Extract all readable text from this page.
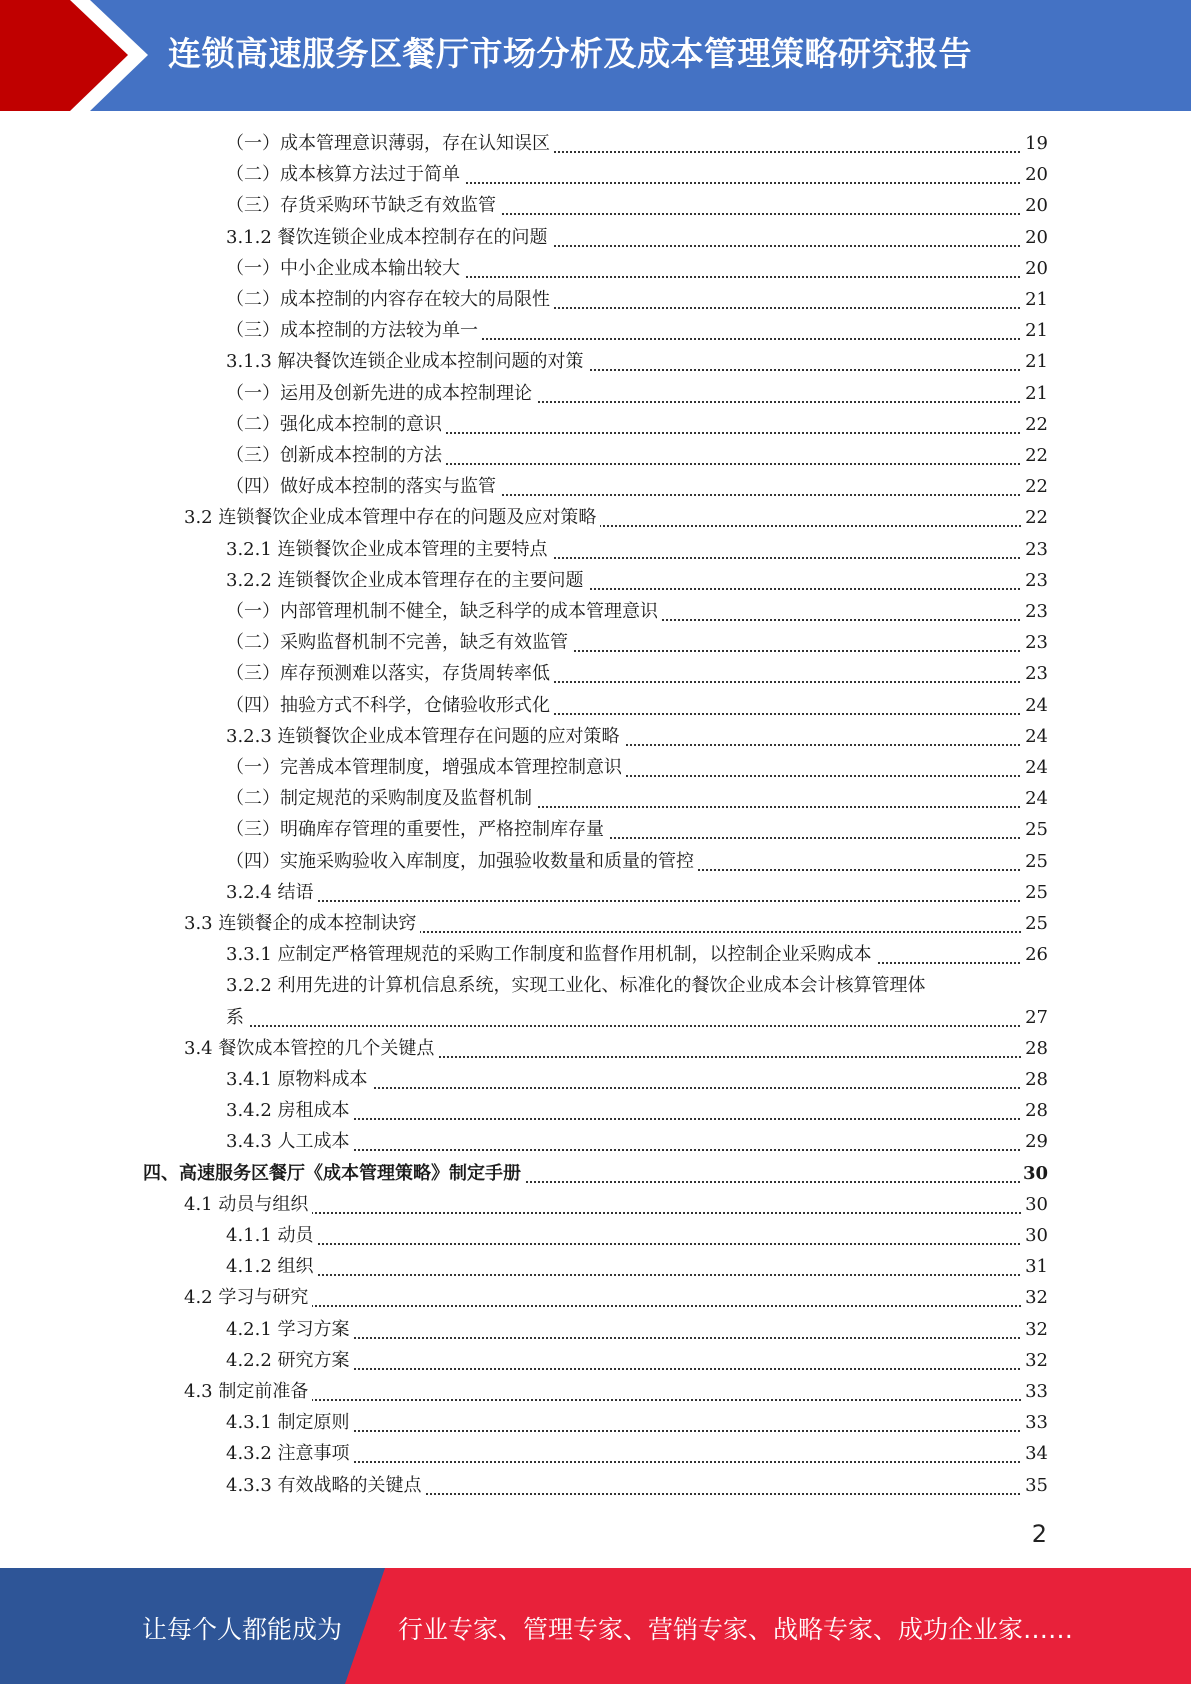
连锁高速服务区餐厅市场分析及成本管理策略研究报告
（一）成本管理意识薄弱，存在认知误区	19
（二）成本核算方法过于简单	20
（三）存货采购环节缺乏有效监管	20
3.1.2 餐饮连锁企业成本控制存在的问题	20
（一）中小企业成本输出较大	20
（二）成本控制的内容存在较大的局限性	21
（三）成本控制的方法较为单一	21
3.1.3 解决餐饮连锁企业成本控制问题的对策	21
（一）运用及创新先进的成本控制理论	21
（二）强化成本控制的意识	22
（三）创新成本控制的方法	22
（四）做好成本控制的落实与监管	22
3.2 连锁餐饮企业成本管理中存在的问题及应对策略	22
3.2.1 连锁餐饮企业成本管理的主要特点	23
3.2.2 连锁餐饮企业成本管理存在的主要问题	23
（一）内部管理机制不健全，缺乏科学的成本管理意识	23
（二）采购监督机制不完善，缺乏有效监管	23
（三）库存预测难以落实，存货周转率低	23
（四）抽验方式不科学，仓储验收形式化	24
3.2.3 连锁餐饮企业成本管理存在问题的应对策略	24
（一）完善成本管理制度，增强成本管理控制意识	24
（二）制定规范的采购制度及监督机制	24
（三）明确库存管理的重要性，严格控制库存量	25
（四）实施采购验收入库制度，加强验收数量和质量的管控	25
3.2.4 结语	25
3.3 连锁餐企的成本控制诀窍	25
3.3.1 应制定严格管理规范的采购工作制度和监督作用机制，以控制企业采购成本	26
3.2.2 利用先进的计算机信息系统，实现工业化、标准化的餐饮企业成本会计核算管理体
系	27
3.4 餐饮成本管控的几个关键点	28
3.4.1 原物料成本	28
3.4.2 房租成本	28
3.4.3 人工成本	29
四、高速服务区餐厅《成本管理策略》制定手册	30
4.1 动员与组织	30
4.1.1 动员	30
4.1.2 组织	31
4.2 学习与研究	32
4.2.1 学习方案	32
4.2.2 研究方案	32
4.3 制定前准备	33
4.3.1 制定原则	33
4.3.2 注意事项	34
4.3.3 有效战略的关键点	35
2
让每个人都能成为 行业专家、管理专家、营销专家、战略专家、成功企业家……
